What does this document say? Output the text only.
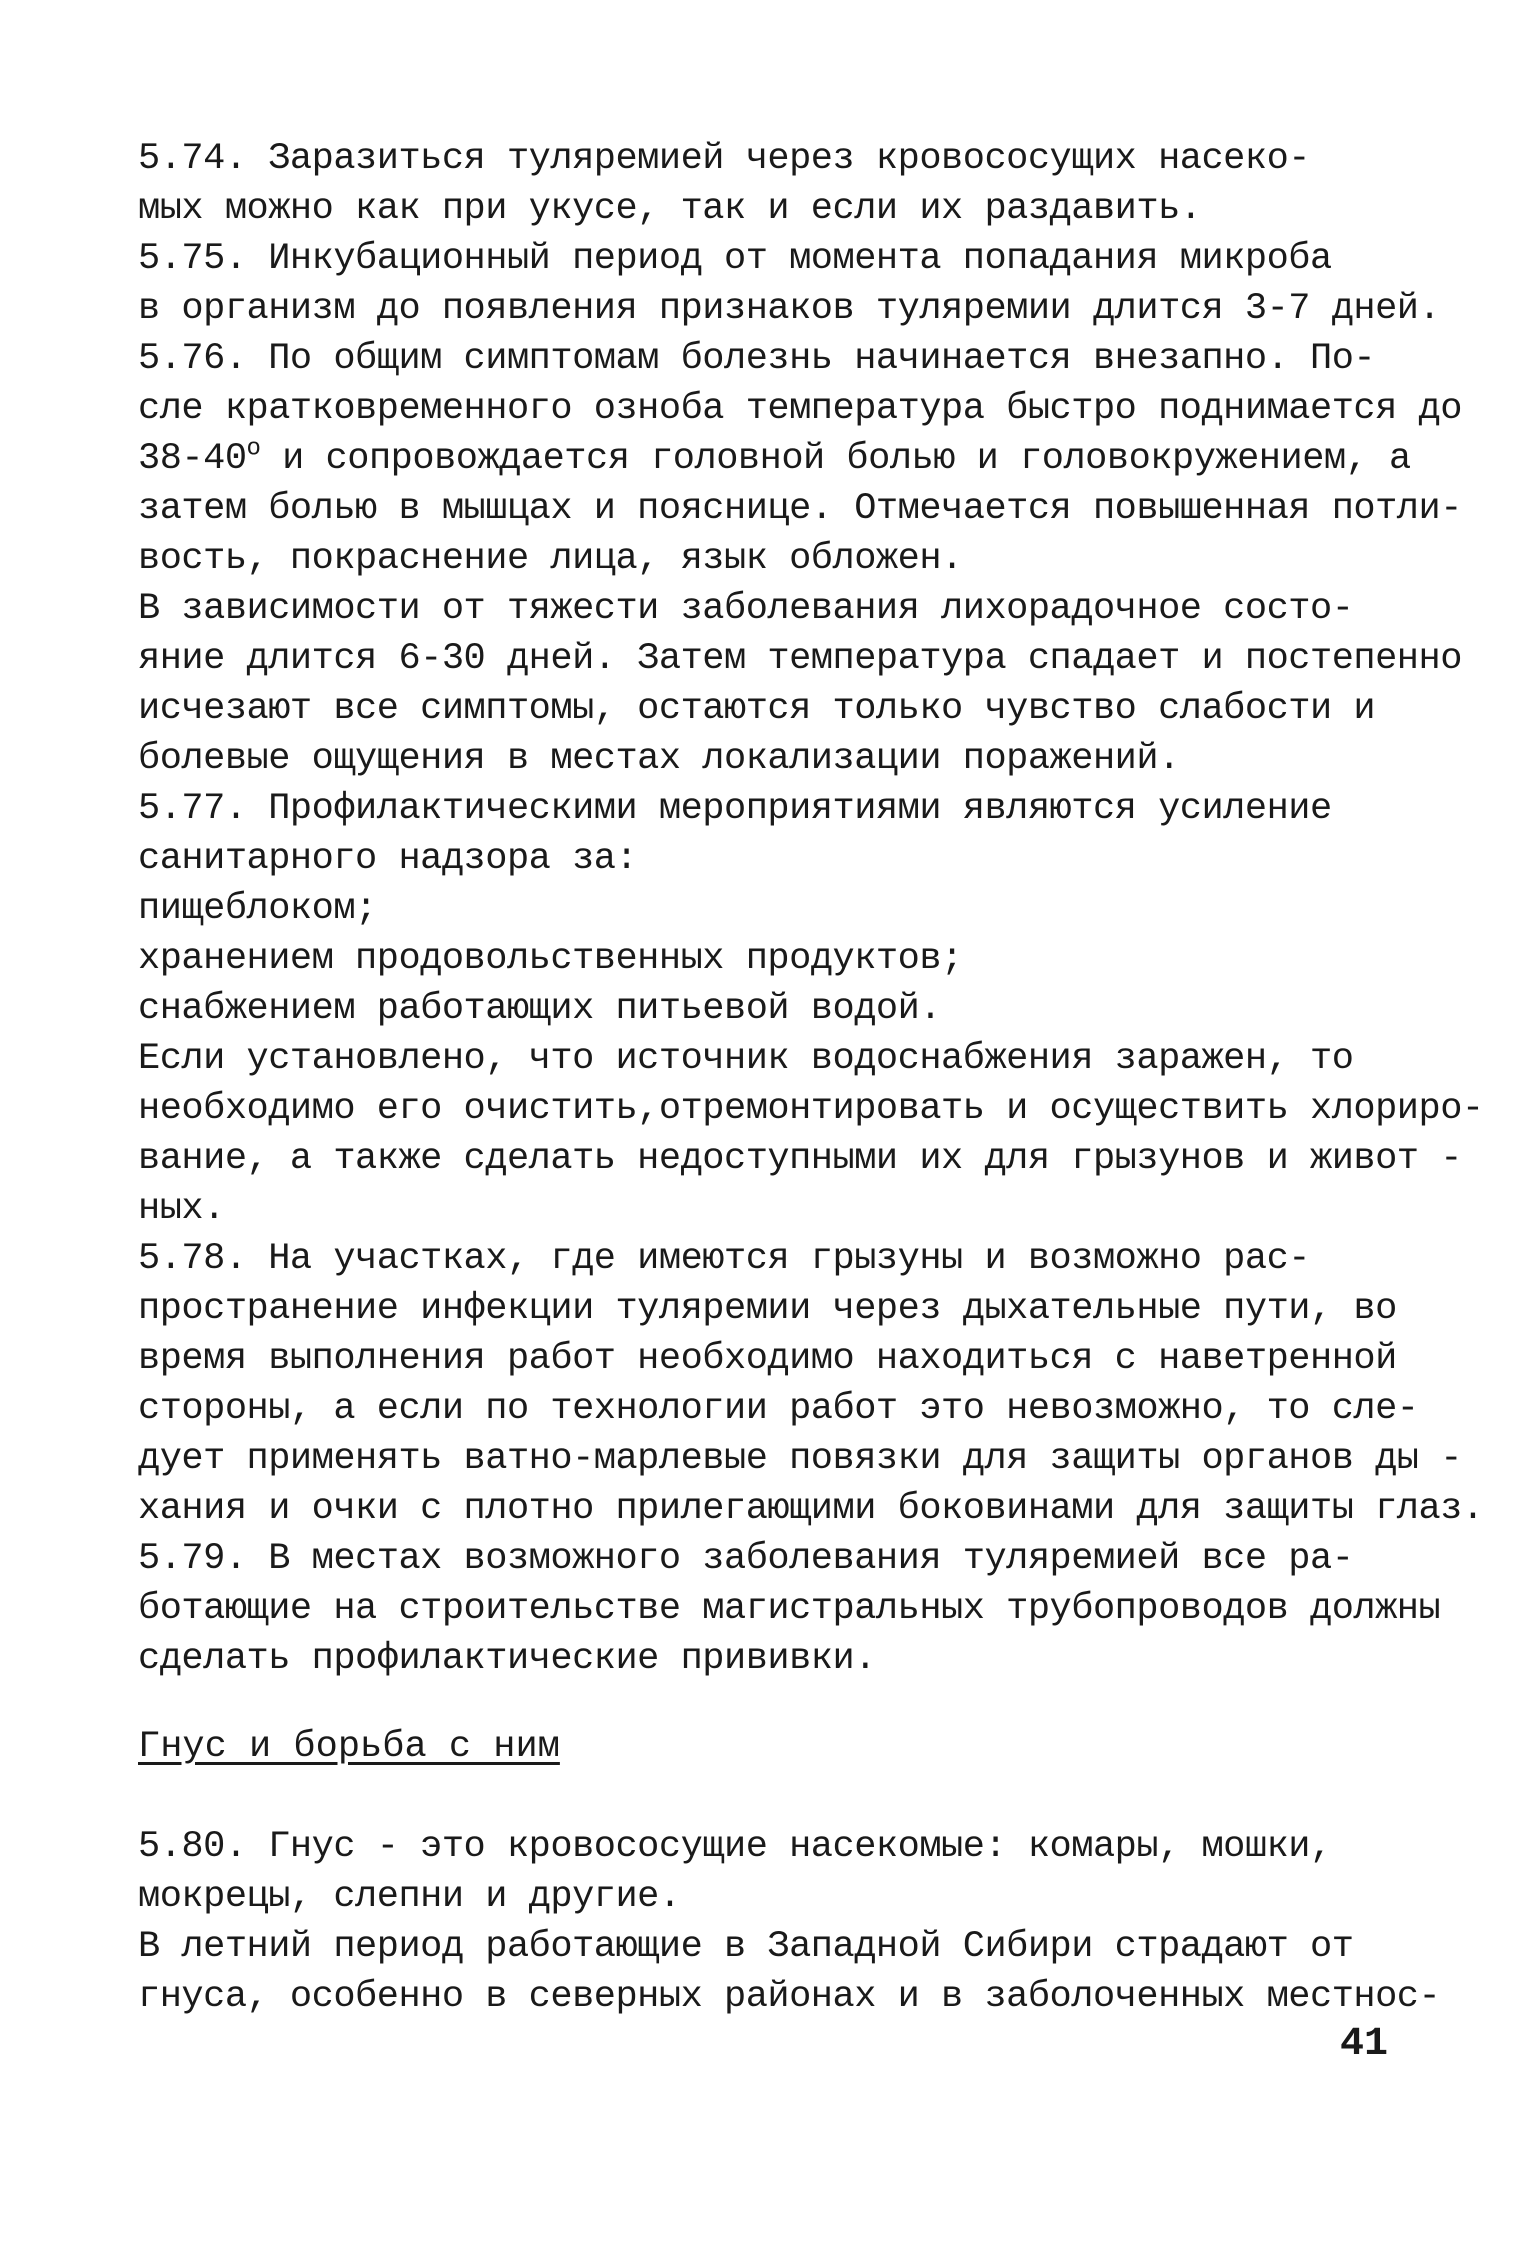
5.74. Заразиться туляремией через кровососущих насеко-
мых можно как при укусе, так и если их раздавить.
5.75. Инкубационный период от момента попадания микроба
в организм до появления признаков туляремии длится 3-7 дней.
5.76. По общим симптомам болезнь начинается внезапно. По-
сле кратковременного озноба температура быстро поднимается до
$38-40^о$ и сопровождается головной болью и головокружением, а
затем болью в мышцах и пояснице. Отмечается повышенная потли-
вость, покраснение лица, язык обложен.
В зависимости от тяжести заболевания лихорадочное состо-
яние длится 6-30 дней. Затем температура спадает и постепенно
исчезают все симптомы, остаются только чувство слабости и
болевые ощущения в местах локализации поражений.
5.77. Профилактическими мероприятиями являются усиление
санитарного надзора за:
пищеблоком;
хранением продовольственных продуктов;
снабжением работающих питьевой водой.
Если установлено, что источник водоснабжения заражен, то
необходимо его очистить,отремонтировать и осуществить хлориро-
вание, а также сделать недоступными их для грызунов и живот -
ных.
5.78. На участках, где имеются грызуны и возможно рас-
пространение инфекции туляремии через дыхательные пути, во
время выполнения работ необходимо находиться с наветренной
стороны, а если по технологии работ это невозможно, то сле-
дует применять ватно-марлевые повязки для защиты органов ды -
хания и очки с плотно прилегающими боковинами для защиты глаз.
5.79. В местах возможного заболевания туляремией все ра-
ботающие на строительстве магистральных трубопроводов должны
сделать профилактические прививки.
Гнус и борьба с ним
5.80. Гнус - это кровососущие насекомые: комары, мошки,
мокрецы, слепни и другие.
В летний период работающие в Западной Сибири страдают от
гнуса, особенно в северных районах и в заболоченных местнос-
41
